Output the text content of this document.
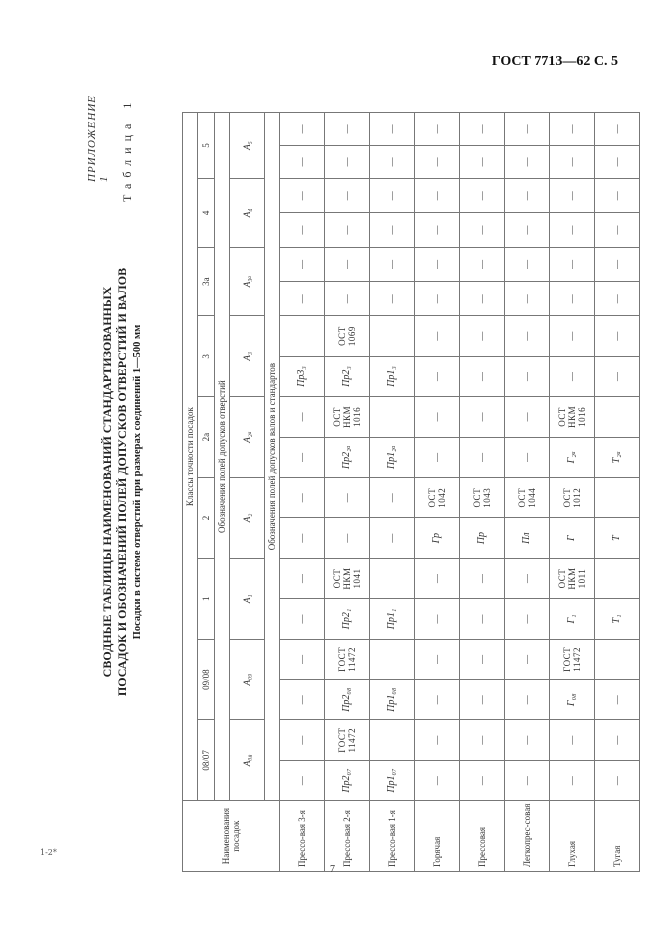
ГОСТ 7713—62 С. 5
ПРИЛОЖЕНИЕ 1
СВОДНЫЕ ТАБЛИЦЫ НАИМЕНОВАНИЙ СТАНДАРТИЗОВАННЫХ ПОСАДОК И ОБОЗНАЧЕНИЙ ПОЛЕЙ ДОПУСКОВ ОТВЕРСТИЙ И ВАЛОВ
Таблица 1
Посадки в системе отверстий при размерах соединений 1—500 мм
Наименования посадок	Классы точности посадок																	
	08/07		09/08		1		2		2а		3		3а		4		5	
	Обозначения полей допусков отверстий																	
	А₀₈		А₀₉		А₁		А₂		А₂ₐ		А₃		А₃ₐ		А₄		А₅	
	Обозначения полей допусков валов и стандартов																	
Прессо-вая 3-я	—	—	—	—	—	—	—	—	—	—	Пр3₃		—	—	—	—	—	—
Прессо-вая 2-я	Пр2₀₇	ГОСТ 11472	Пр2₀₈	ГОСТ 11472	Пр2₁	ОСТ НКМ 1041	—	—	Пр2₂ₐ	ОСТ НКМ 1016	Пр2₃	ОСТ 1069	—	—	—	—	—	—
Прессо-вая 1-я	Пр1₀₇		Пр1₀₈		Пр1₁		—	—	Пр1₂ₐ		Пр1₃		—	—	—	—	—	—
Горячая	—	—	—	—	—	—	Гр	ОСТ 1042	—	—	—	—	—	—	—	—	—	—
Прессовая	—	—	—	—	—	—	Пр	ОСТ 1043	—	—	—	—	—	—	—	—	—	—
Легкопрес-совая	—	—	—	—	—	—	Пл	ОСТ 1044	—	—	—	—	—	—	—	—	—	—
Глухая	—	—	Г₀₈	ГОСТ 11472	Г₁	ОСТ НКМ 1011	Г	ОСТ 1012	Г₂ₐ	ОСТ НКМ 1016	—	—	—	—	—	—	—	—
Тугая	—	—	—		Т₁		Т		Т₂ₐ		—	—	—	—	—	—	—	—
1-2*
7
